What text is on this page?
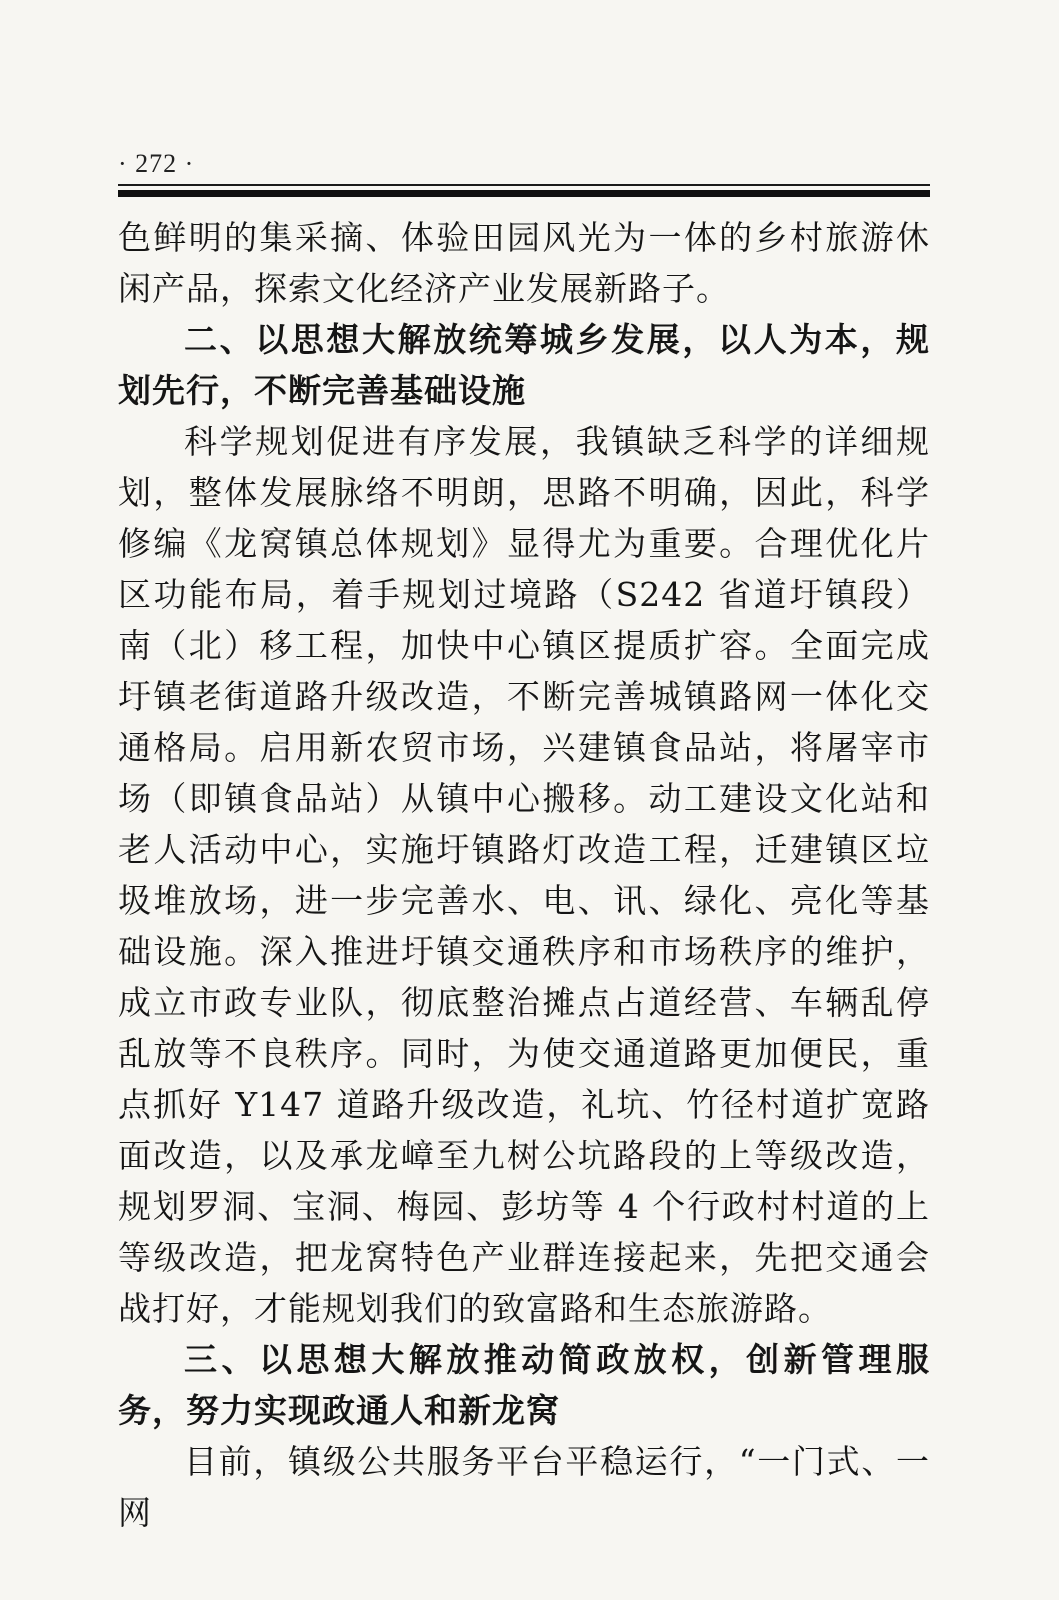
· 272 ·

色鲜明的集采摘、体验田园风光为一体的乡村旅游休闲产品，探索文化经济产业发展新路子。

二、以思想大解放统筹城乡发展，以人为本，规划先行，不断完善基础设施

科学规划促进有序发展，我镇缺乏科学的详细规划，整体发展脉络不明朗，思路不明确，因此，科学修编《龙窝镇总体规划》显得尤为重要。合理优化片区功能布局，着手规划过境路（S242 省道圩镇段）南（北）移工程，加快中心镇区提质扩容。全面完成圩镇老街道路升级改造，不断完善城镇路网一体化交通格局。启用新农贸市场，兴建镇食品站，将屠宰市场（即镇食品站）从镇中心搬移。动工建设文化站和老人活动中心，实施圩镇路灯改造工程，迁建镇区垃圾堆放场，进一步完善水、电、讯、绿化、亮化等基础设施。深入推进圩镇交通秩序和市场秩序的维护，成立市政专业队，彻底整治摊点占道经营、车辆乱停乱放等不良秩序。同时，为使交通道路更加便民，重点抓好 Y147 道路升级改造，礼坑、竹径村道扩宽路面改造，以及承龙嶂至九树公坑路段的上等级改造，规划罗洞、宝洞、梅园、彭坊等 4 个行政村村道的上等级改造，把龙窝特色产业群连接起来，先把交通会战打好，才能规划我们的致富路和生态旅游路。

三、以思想大解放推动简政放权，创新管理服务，努力实现政通人和新龙窝

目前，镇级公共服务平台平稳运行，“一门式、一网
